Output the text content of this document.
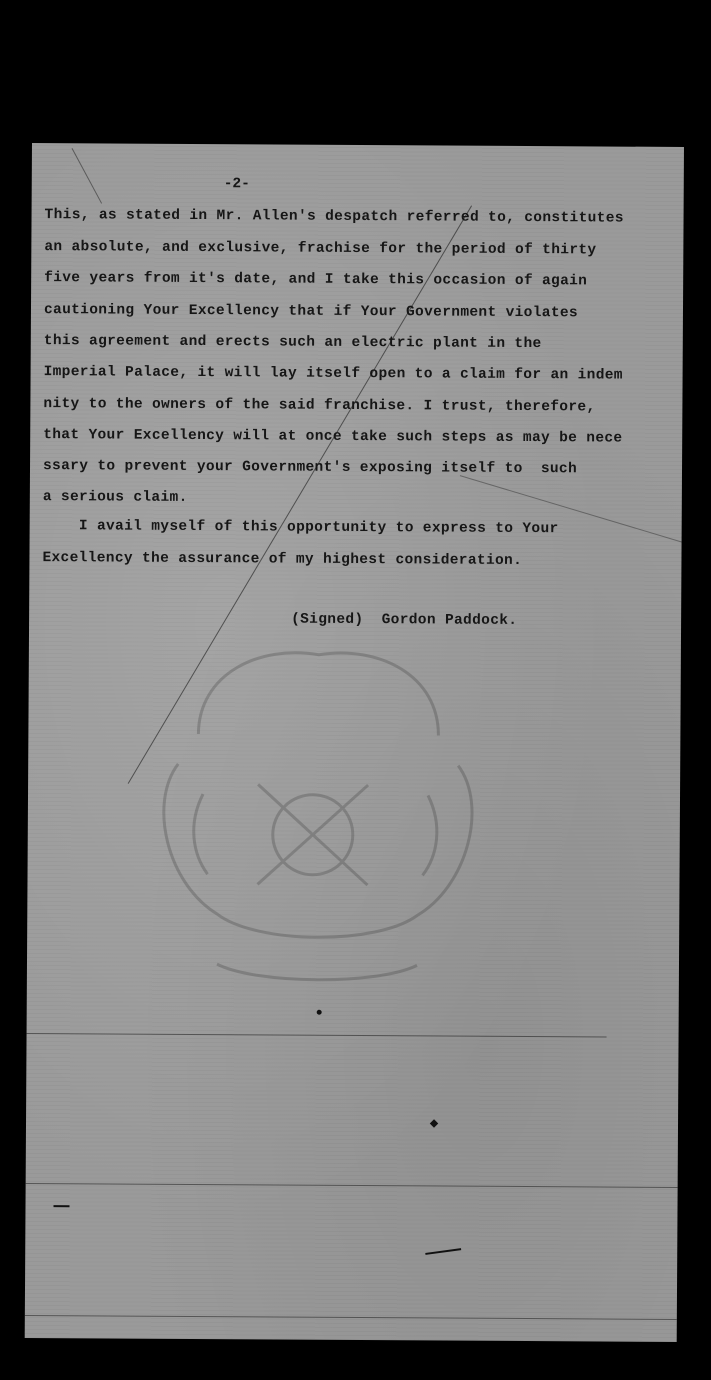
-2-
This, as stated in Mr. Allen's despatch referred to, constitutes
an absolute, and exclusive, frachise for the period of thirty
five years from it's date, and I take this occasion of again
cautioning Your Excellency that if Your Government violates
this agreement and erects such an electric plant in the
Imperial Palace, it will lay itself open to a claim for an indem
nity to the owners of the said franchise. I trust, therefore,
that Your Excellency will at once take such steps as may be nece
ssary to prevent your Government's exposing itself to  such
a serious claim.
I avail myself of this opportunity to express to Your
Excellency the assurance of my highest consideration.
(Signed)  Gordon Paddock.
